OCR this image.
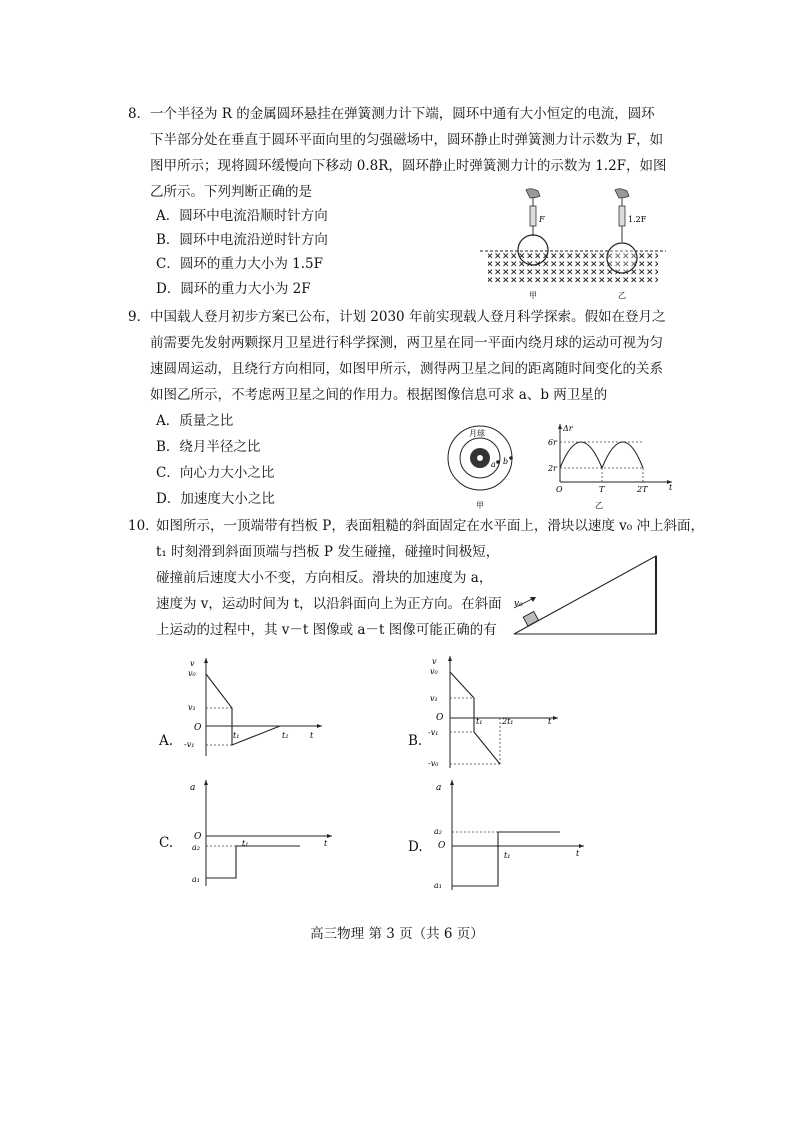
8． 一个半径为 R 的金属圆环悬挂在弹簧测力计下端，圆环中通有大小恒定的电流，圆环
下半部分处在垂直于圆环平面向里的匀强磁场中，圆环静止时弹簧测力计示数为 F，如
图甲所示；现将圆环缓慢向下移动 0.8R，圆环静止时弹簧测力计的示数为 1.2F，如图
乙所示。下列判断正确的是
A．圆环中电流沿顺时针方向
B．圆环中电流沿逆时针方向
C．圆环的重力大小为 1.5F
D．圆环的重力大小为 2F
F	1.2F
甲	乙
9． 中国载人登月初步方案已公布，计划 2030 年前实现载人登月科学探索。假如在登月之
前需要先发射两颗探月卫星进行科学探测，两卫星在同一平面内绕月球的运动可视为匀
速圆周运动，且绕行方向相同，如图甲所示，测得两卫星之间的距离随时间变化的关系
如图乙所示，不考虑两卫星之间的作用力。根据图像信息可求 a、b 两卫星的
A．质量之比
B．绕月半径之比
C．向心力大小之比
D．加速度大小之比
月球
a b
甲
Δr
6r
2r
O	T	2T	t
乙
10．
如图所示，一顶端带有挡板 P，表面粗糙的斜面固定在水平面上，滑块以速度 v₀ 冲上斜面，
t₁ 时刻滑到斜面顶端与挡板 P 发生碰撞，碰撞时间极短，
碰撞前后速度大小不变，方向相反。滑块的加速度为 a，
速度为 v，运动时间为 t，以沿斜面向上为正方向。在斜面
上运动的过程中，其 v－t 图像或 a－t 图像可能正确的有
v₀
A.
v
v₀
v₁
O
-v₁
t₁	t₂	t	B.
v
v₀
v₁
O
-v₁
-v₀
t₁ 2t₁	t
C.
a
O
a₂
a₁
t₁	t	D.
a
a₂
O
a₁
t₁	t
高三物理 第 3 页（共 6 页）
